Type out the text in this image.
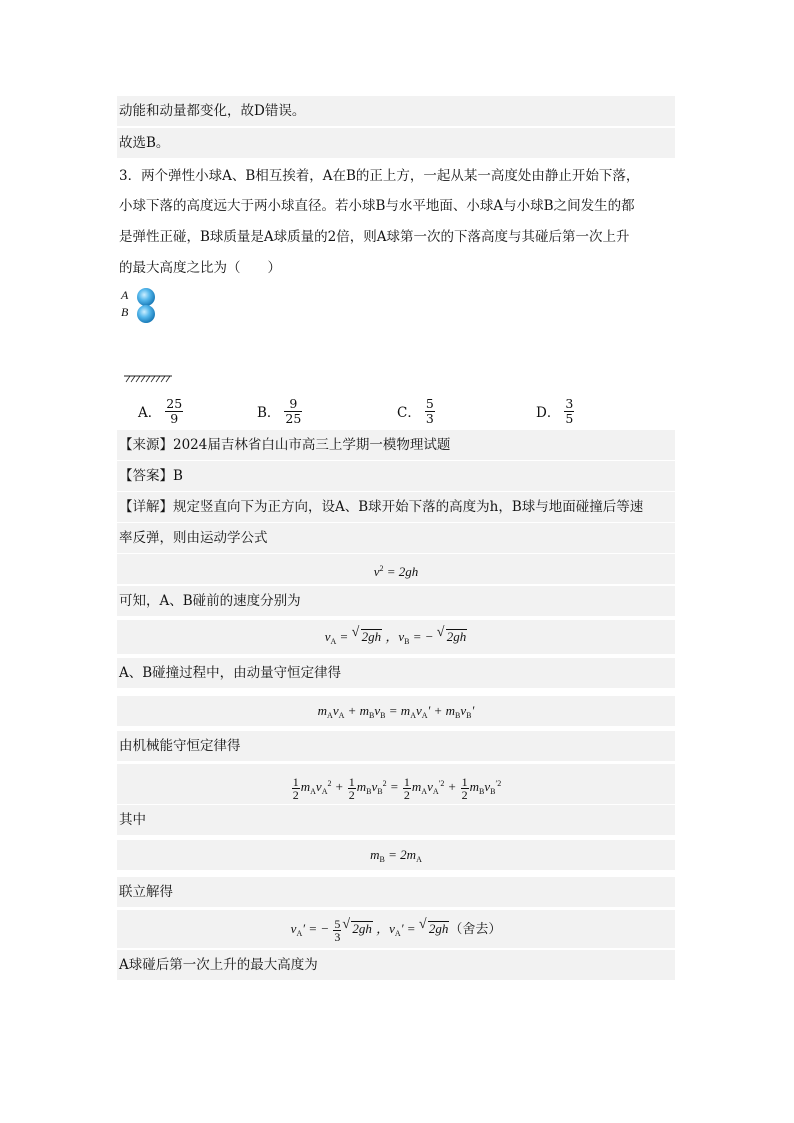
动能和动量都变化，故D错误。
故选B。
3．两个弹性小球A、B相互挨着，A在B的正上方，一起从某一高度处由静止开始下落，
小球下落的高度远大于两小球直径。若小球B与水平地面、小球A与小球B之间发生的都
是弹性正碰，B球质量是A球质量的2倍，则A球第一次的下落高度与其碰后第一次上升
的最大高度之比为（　　）
A
B
A． $\frac{25}{9}$	B． $\frac{9}{25}$	C． $\frac{5}{3}$	D． $\frac{3}{5}$
【来源】2024届吉林省白山市高三上学期一模物理试题
【答案】B
【详解】规定竖直向下为正方向，设A、B球开始下落的高度为h，B球与地面碰撞后等速
率反弹，则由运动学公式
$v^2 = 2gh$
可知，A、B碰前的速度分别为
$v_A$ = √ 2gh ，$v_B$ = − √ 2gh
A、B碰撞过程中，由动量守恒定律得
$m_Av_A + m_Bv_B = m_Av_A' + m_Bv_B'$
由机械能守恒定律得
$\frac{1}{2} m_Av_A^2 + \frac{1}{2} m_Bv_B^2 = \frac{1}{2} m_Av_A^{'2} + \frac{1}{2} m_Bv_B^{'2}$
其中
$m_B = 2m_A$
联立解得
$v_A'$ = − $\frac{5}{3}$ √ 2gh ，$v_A'$ = √ 2gh（舍去）
A球碰后第一次上升的最大高度为
